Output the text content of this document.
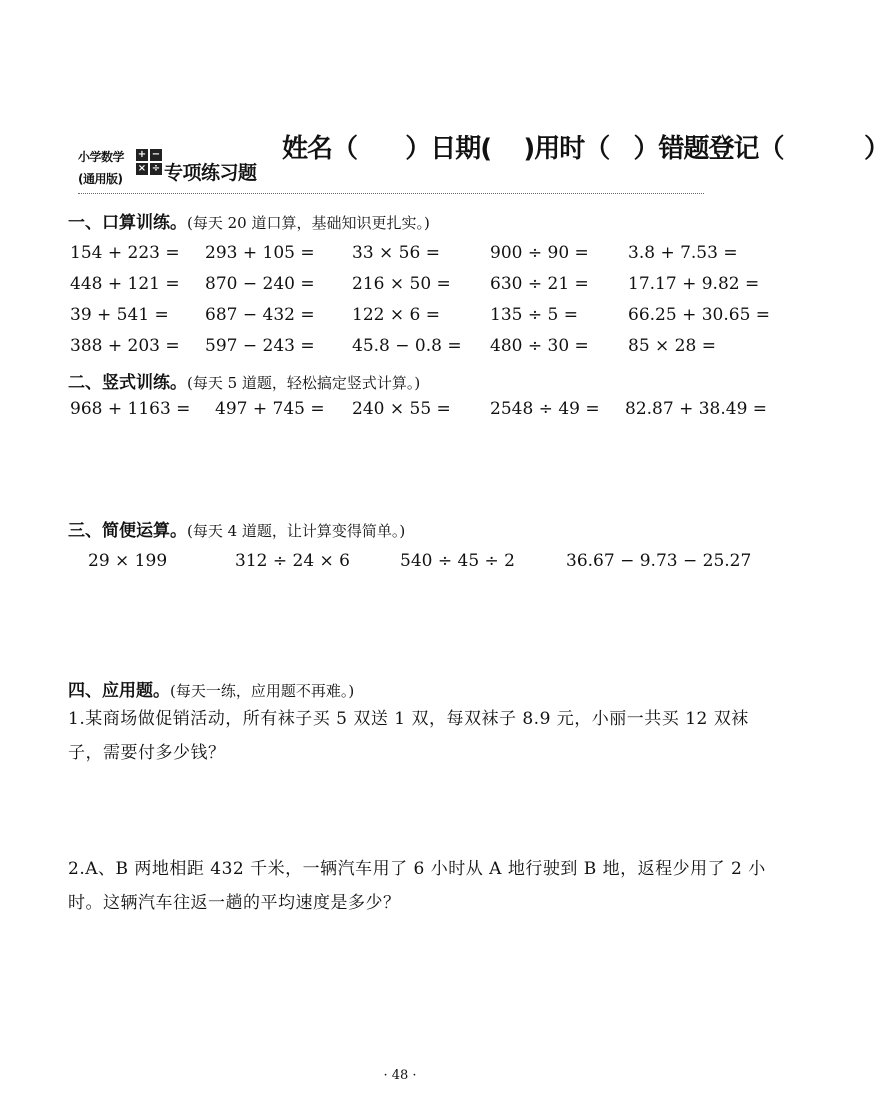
小学数学
(通用版)
+ −
× ÷ 专项练习题
姓名（      ）日期(    )用时（   ）错题登记（          ）
一、口算训练。(每天 20 道口算，基础知识更扎实。)
154 + 223 = 293 + 105 = 33 × 56 =	900 ÷ 90 = 3.8 + 7.53 =
448 + 121 = 870 − 240 = 216 × 50 = 630 ÷ 21 = 17.17 + 9.82 =
39 + 541 = 687 − 432 = 122 × 6 =	135 ÷ 5 =	66.25 + 30.65 =
388 + 203 = 597 − 243 = 45.8 − 0.8 = 480 ÷ 30 = 85 × 28 =
二、竖式训练。(每天 5 道题，轻松搞定竖式计算。)
968 + 1163 = 497 + 745 = 240 × 55 = 2548 ÷ 49 = 82.87 + 38.49 =
三、简便运算。(每天 4 道题，让计算变得简单。)
29 × 199	312 ÷ 24 × 6	540 ÷ 45 ÷ 2	36.67 − 9.73 − 25.27
四、应用题。(每天一练，应用题不再难。)
1.某商场做促销活动，所有袜子买 5 双送 1 双，每双袜子 8.9 元，小丽一共买 12 双袜子，需要付多少钱？
2.A、B 两地相距 432 千米，一辆汽车用了 6 小时从 A 地行驶到 B 地，返程少用了 2 小时。这辆汽车往返一趟的平均速度是多少？
· 48 ·
